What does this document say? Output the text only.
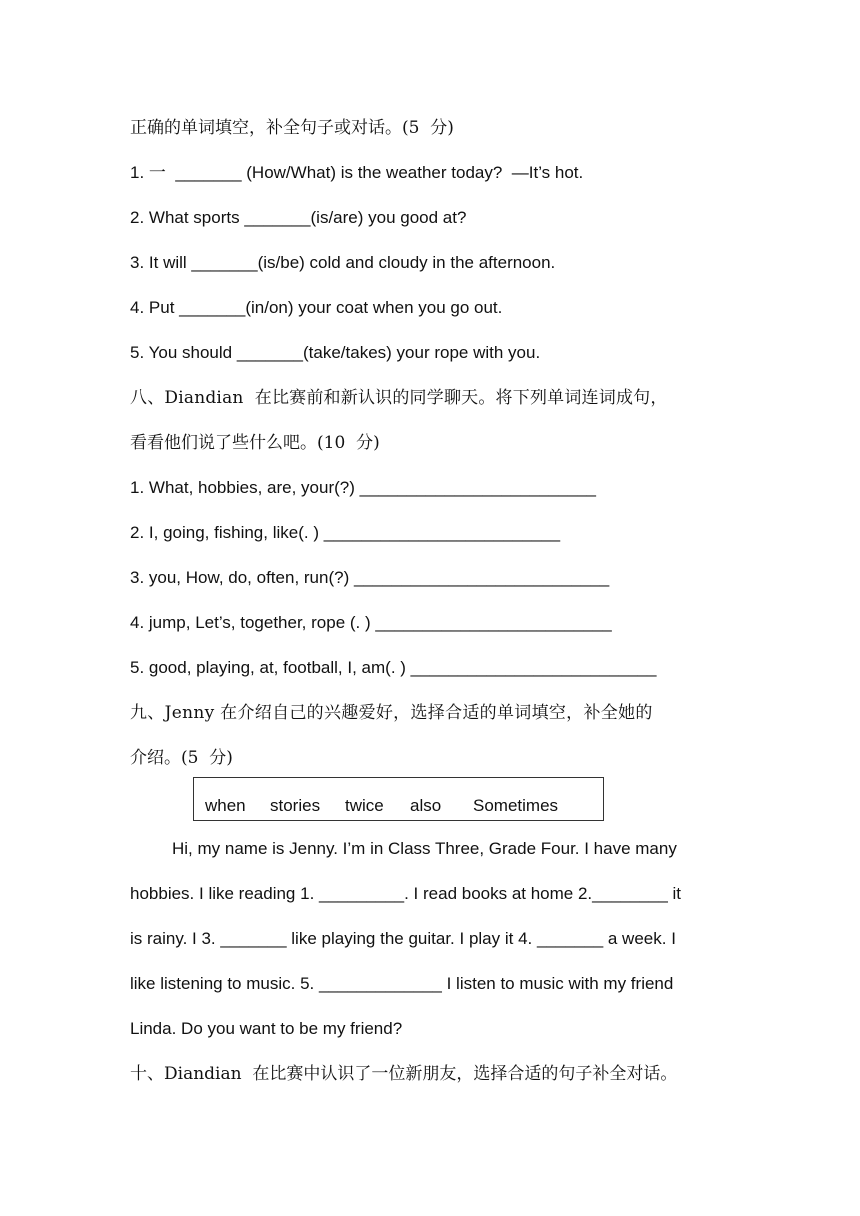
正确的单词填空，补全句子或对话。(5  分)
1. 一  _______ (How/What) is the weather today?  —It’s hot.
2. What sports _______(is/are) you good at?
3. It will _______(is/be) cold and cloudy in the afternoon.
4. Put _______(in/on) your coat when you go out.
5. You should _______(take/takes) your rope with you.
八、Diandian  在比赛前和新认识的同学聊天。将下列单词连词成句，
看看他们说了些什么吧。(10  分)
1. What, hobbies, are, your(?) _________________________
2. I, going, fishing, like(. ) _________________________
3. you, How, do, often, run(?) ___________________________
4. jump, Let’s, together, rope (. ) _________________________
5. good, playing, at, football, I, am(. ) __________________________
九、Jenny 在介绍自己的兴趣爱好，选择合适的单词填空，补全她的
介绍。(5  分)
when stories twice also Sometimes
Hi, my name is Jenny. I’m in Class Three, Grade Four. I have many
hobbies. I like reading 1. _________. I read books at home 2.________ it
is rainy. I 3. _______ like playing the guitar. I play it 4. _______ a week. I
like listening to music. 5. _____________ I listen to music with my friend
Linda. Do you want to be my friend?
十、Diandian  在比赛中认识了一位新朋友，选择合适的句子补全对话。
